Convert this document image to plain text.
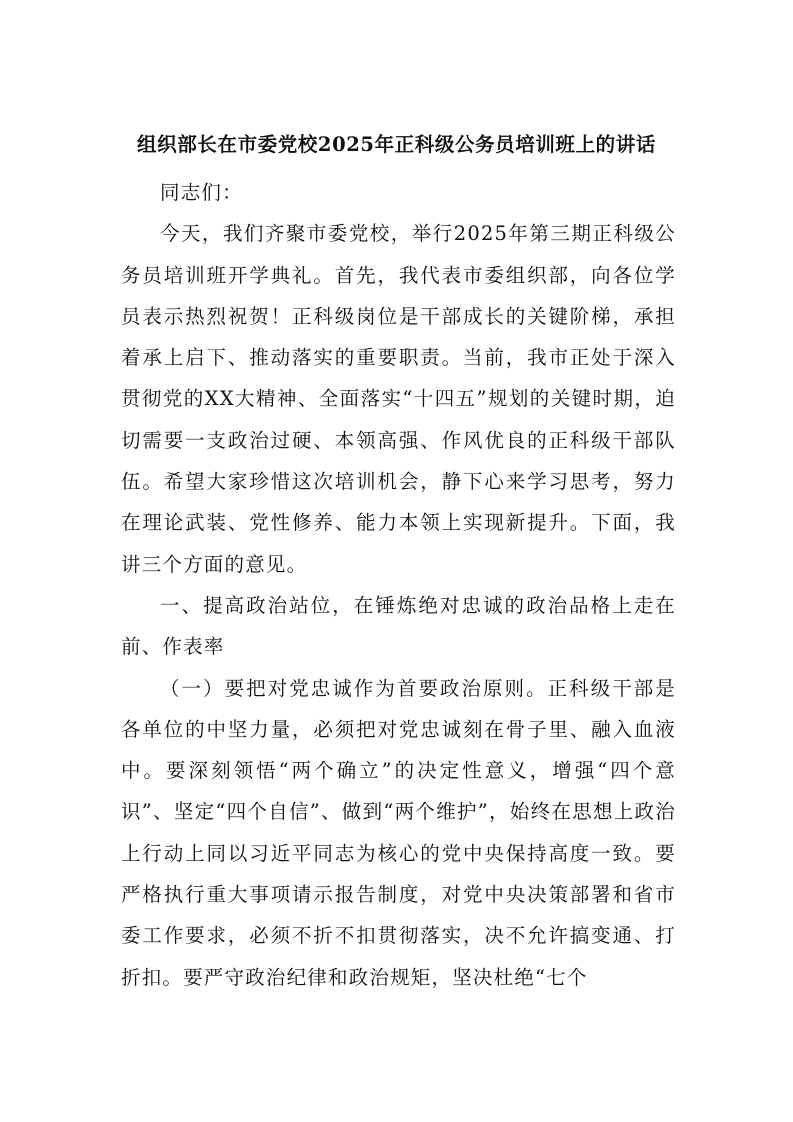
组织部长在市委党校2025年正科级公务员培训班上的讲话

同志们：

今天，我们齐聚市委党校，举行2025年第三期正科级公务员培训班开学典礼。首先，我代表市委组织部，向各位学员表示热烈祝贺！正科级岗位是干部成长的关键阶梯，承担着承上启下、推动落实的重要职责。当前，我市正处于深入贯彻党的XX大精神、全面落实“十四五”规划的关键时期，迫切需要一支政治过硬、本领高强、作风优良的正科级干部队伍。希望大家珍惜这次培训机会，静下心来学习思考，努力在理论武装、党性修养、能力本领上实现新提升。下面，我讲三个方面的意见。

一、提高政治站位，在锤炼绝对忠诚的政治品格上走在前、作表率

（一）要把对党忠诚作为首要政治原则。正科级干部是各单位的中坚力量，必须把对党忠诚刻在骨子里、融入血液中。要深刻领悟“两个确立”的决定性意义，增强“四个意识”、坚定“四个自信”、做到“两个维护”，始终在思想上政治上行动上同以习近平同志为核心的党中央保持高度一致。要严格执行重大事项请示报告制度，对党中央决策部署和省市委工作要求，必须不折不扣贯彻落实，决不允许搞变通、打折扣。要严守政治纪律和政治规矩，坚决杜绝“七个
